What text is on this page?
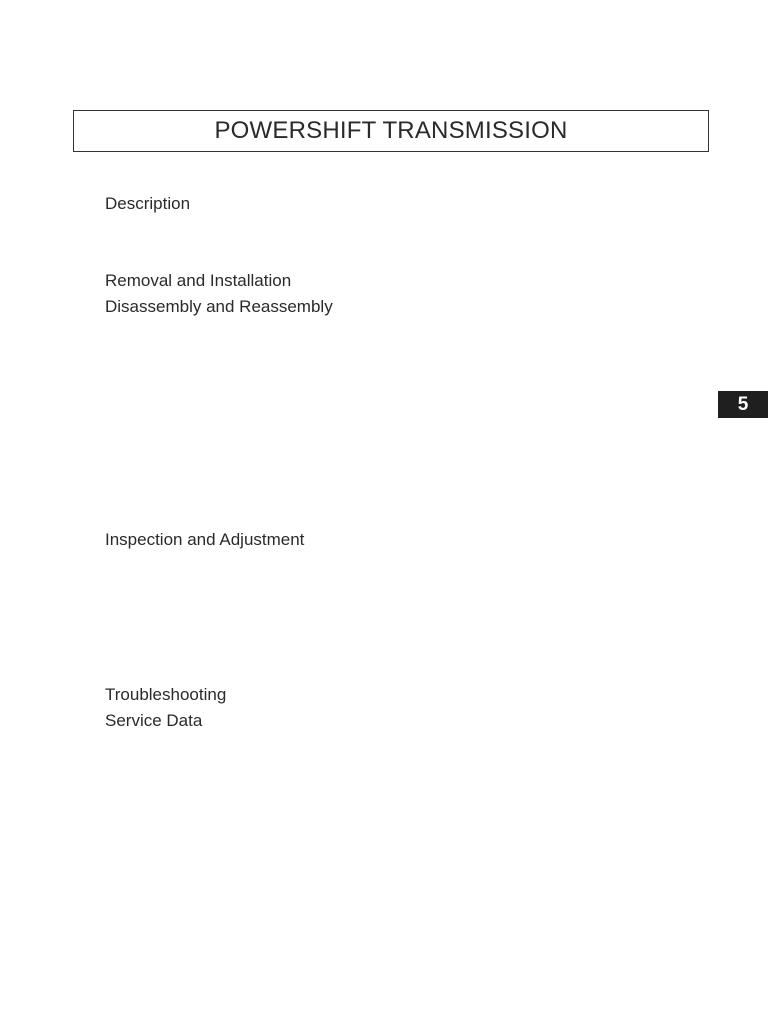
POWERSHIFT TRANSMISSION
Description
Removal and Installation
Disassembly and Reassembly
Inspection and Adjustment
Troubleshooting
Service Data
5
